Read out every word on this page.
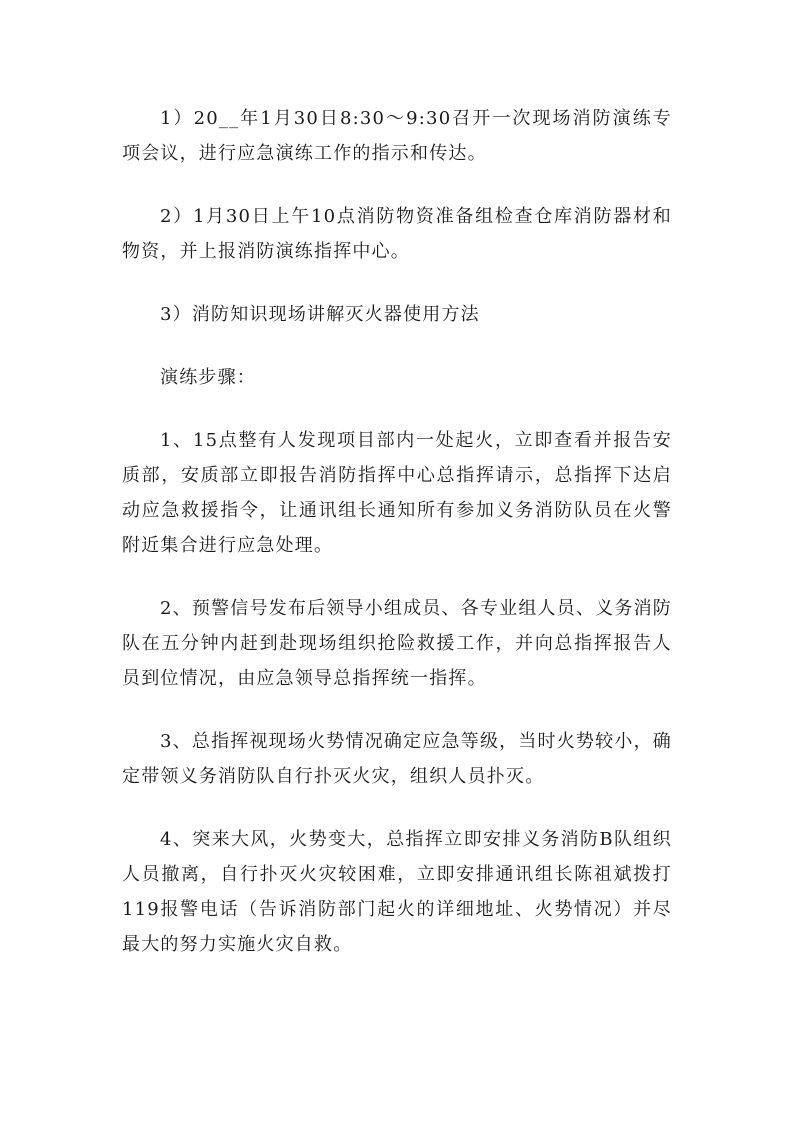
1）20__年1月30日8:30～9:30召开一次现场消防演练专项会议，进行应急演练工作的指示和传达。

2）1月30日上午10点消防物资准备组检查仓库消防器材和物资，并上报消防演练指挥中心。

3）消防知识现场讲解灭火器使用方法

演练步骤：

1、15点整有人发现项目部内一处起火，立即查看并报告安质部，安质部立即报告消防指挥中心总指挥请示，总指挥下达启动应急救援指令，让通讯组长通知所有参加义务消防队员在火警附近集合进行应急处理。

2、预警信号发布后领导小组成员、各专业组人员、义务消防队在五分钟内赶到赴现场组织抢险救援工作，并向总指挥报告人员到位情况，由应急领导总指挥统一指挥。

3、总指挥视现场火势情况确定应急等级，当时火势较小，确定带领义务消防队自行扑灭火灾，组织人员扑灭。

4、突来大风，火势变大，总指挥立即安排义务消防B队组织人员撤离，自行扑灭火灾较困难，立即安排通讯组长陈祖斌拨打119报警电话（告诉消防部门起火的详细地址、火势情况）并尽最大的努力实施火灾自救。
